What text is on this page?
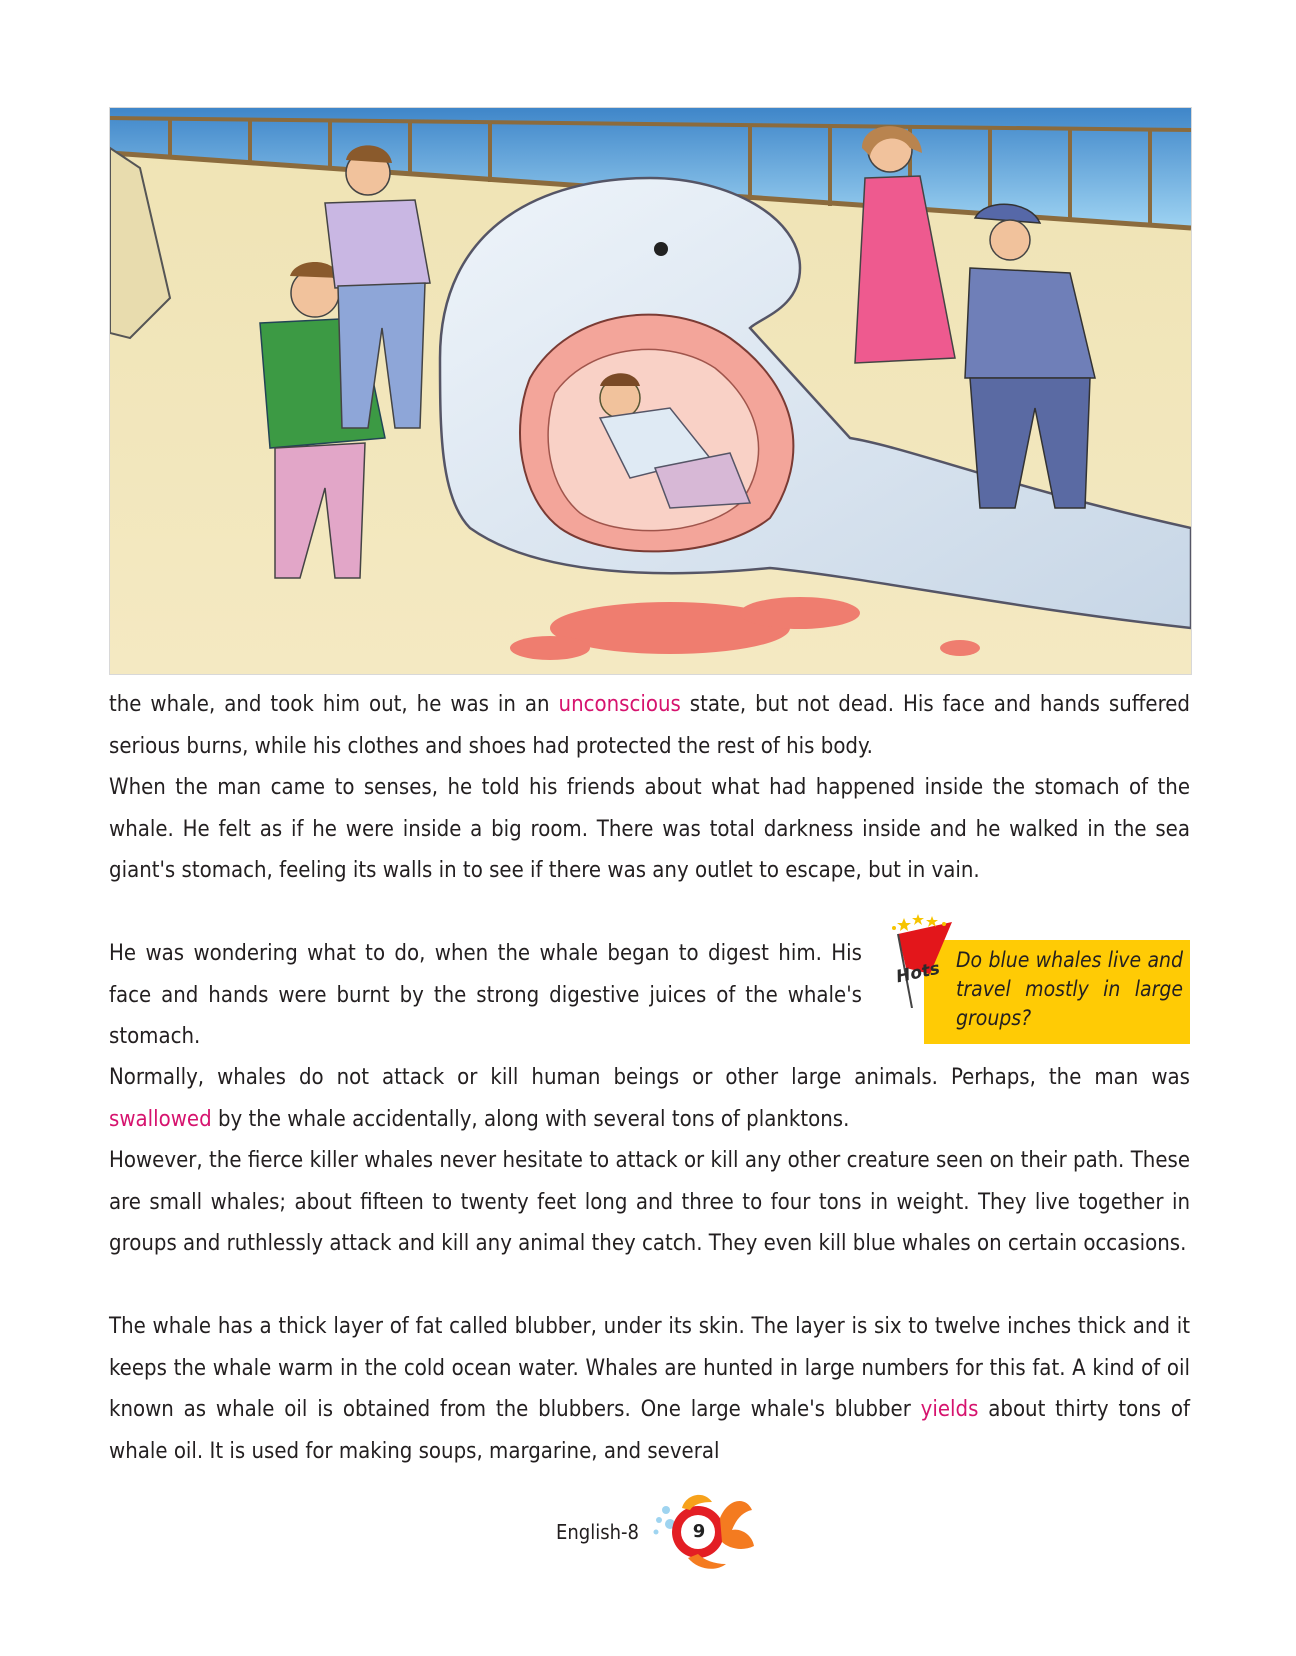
the whale, and took him out, he was in an unconscious state, but not dead. His face and hands suffered serious burns, while his clothes and shoes had protected the rest of his body.

When the man came to senses, he told his friends about what had happened inside the stomach of the whale. He felt as if he were inside a big room. There was total darkness inside and he walked in the sea giant's stomach, feeling its walls in to see if there was any outlet to escape, but in vain.

He was wondering what to do, when the whale began to digest him. His face and hands were burnt by the strong digestive juices of the whale's stomach.

Hots Do blue whales live and travel mostly in large groups?

Normally, whales do not attack or kill human beings or other large animals. Perhaps, the man was swallowed by the whale accidentally, along with several tons of planktons.

However, the fierce killer whales never hesitate to attack or kill any other creature seen on their path. These are small whales; about fifteen to twenty feet long and three to four tons in weight. They live together in groups and ruthlessly attack and kill any animal they catch. They even kill blue whales on certain occasions.

The whale has a thick layer of fat called blubber, under its skin. The layer is six to twelve inches thick and it keeps the whale warm in the cold ocean water. Whales are hunted in large numbers for this fat. A kind of oil known as whale oil is obtained from the blubbers. One large whale's blubber yields about thirty tons of whale oil. It is used for making soups, margarine, and several

English-8	9
